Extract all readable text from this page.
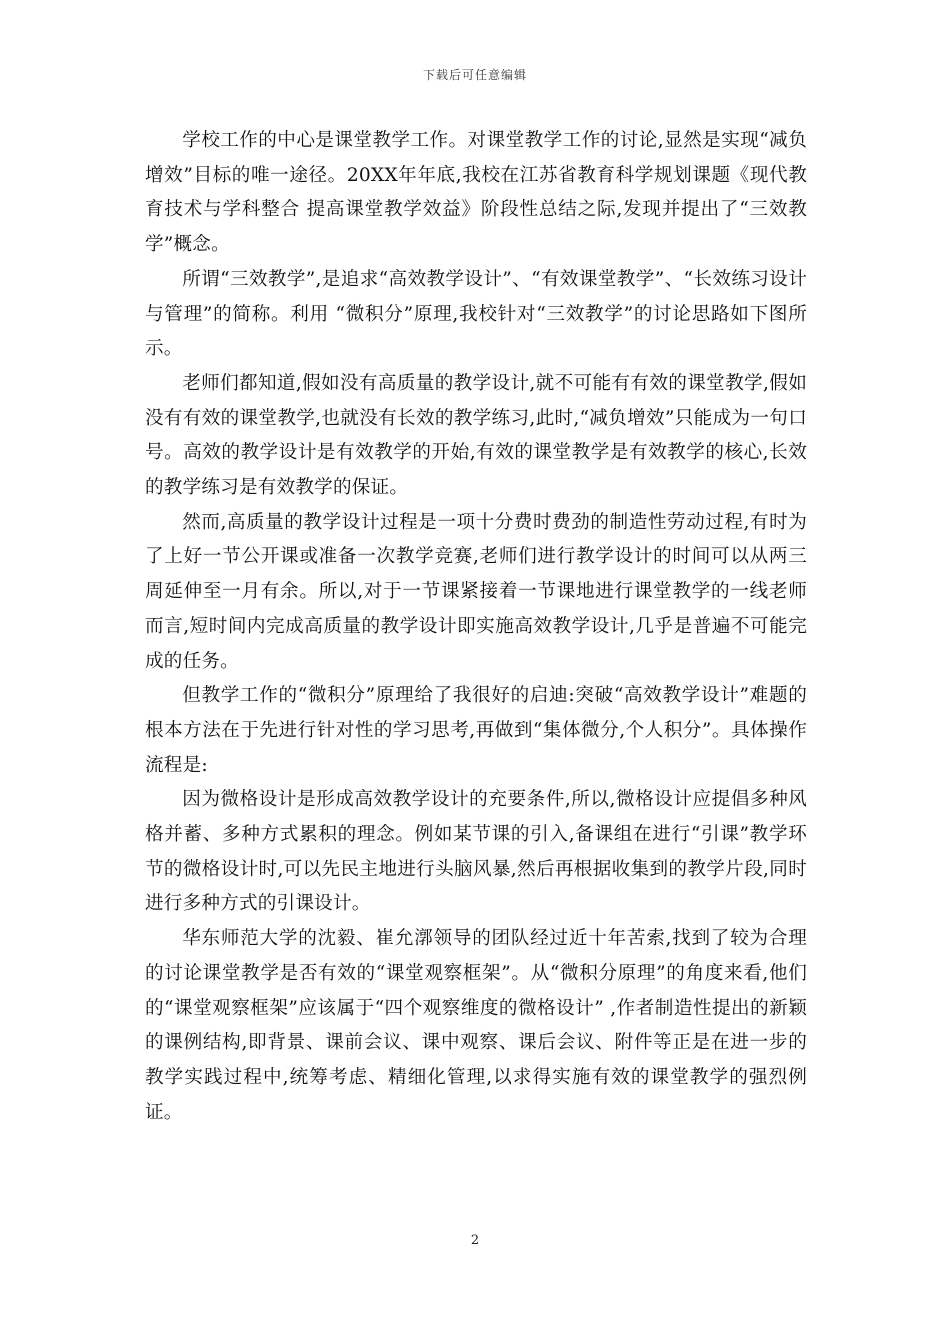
下载后可任意编辑

学校工作的中心是课堂教学工作。对课堂教学工作的讨论,显然是实现“减负增效”目标的唯一途径。20XX年年底,我校在江苏省教育科学规划课题《现代教育技术与学科整合 提高课堂教学效益》阶段性总结之际,发现并提出了“三效教学”概念。

所谓“三效教学”,是追求“高效教学设计”、“有效课堂教学”、“长效练习设计与管理”的简称。利用 “微积分”原理,我校针对“三效教学”的讨论思路如下图所示。

老师们都知道,假如没有高质量的教学设计,就不可能有有效的课堂教学,假如没有有效的课堂教学,也就没有长效的教学练习,此时,“减负增效”只能成为一句口号。高效的教学设计是有效教学的开始,有效的课堂教学是有效教学的核心,长效的教学练习是有效教学的保证。

然而,高质量的教学设计过程是一项十分费时费劲的制造性劳动过程,有时为了上好一节公开课或准备一次教学竞赛,老师们进行教学设计的时间可以从两三周延伸至一月有余。所以,对于一节课紧接着一节课地进行课堂教学的一线老师而言,短时间内完成高质量的教学设计即实施高效教学设计,几乎是普遍不可能完成的任务。

但教学工作的“微积分”原理给了我很好的启迪:突破“高效教学设计”难题的根本方法在于先进行针对性的学习思考,再做到“集体微分,个人积分”。具体操作流程是:

因为微格设计是形成高效教学设计的充要条件,所以,微格设计应提倡多种风格并蓄、多种方式累积的理念。例如某节课的引入,备课组在进行“引课”教学环节的微格设计时,可以先民主地进行头脑风暴,然后再根据收集到的教学片段,同时进行多种方式的引课设计。

华东师范大学的沈毅、崔允漷领导的团队经过近十年苦索,找到了较为合理的讨论课堂教学是否有效的“课堂观察框架”。从“微积分原理”的角度来看,他们的“课堂观察框架”应该属于“四个观察维度的微格设计” ,作者制造性提出的新颖的课例结构,即背景、课前会议、课中观察、课后会议、附件等正是在进一步的教学实践过程中,统筹考虑、精细化管理,以求得实施有效的课堂教学的强烈例证。

2
